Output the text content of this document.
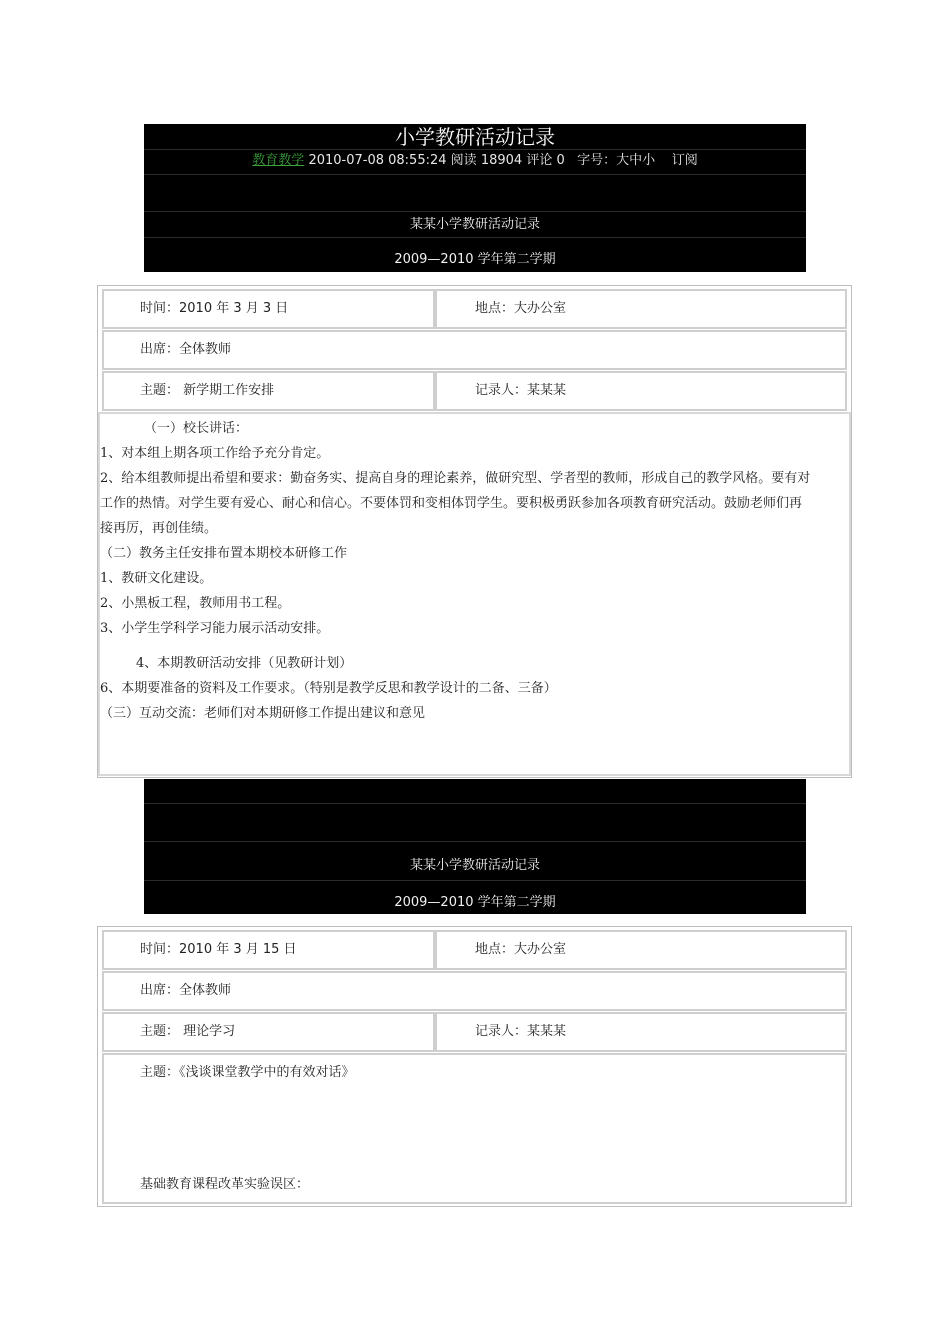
小学教研活动记录
教育教学 2010-07-08 08:55:24 阅读 18904 评论 0 字号：大中小 订阅
某某小学教研活动记录
2009—2010 学年第二学期
时间：2010 年 3 月 3 日	地点：大办公室
出席：全体教师
主题： 新学期工作安排	记录人：某某某

（一）校长讲话：

1、对本组上期各项工作给予充分肯定。

2、给本组教师提出希望和要求：勤奋务实、提高自身的理论素养，做研究型、学者型的教师，形成自己的教学风格。要有对

工作的热情。对学生要有爱心、耐心和信心。不要体罚和变相体罚学生。要积极勇跃参加各项教育研究活动。鼓励老师们再

接再厉，再创佳绩。

（二）教务主任安排布置本期校本研修工作

1、教研文化建设。

2、小黑板工程，教师用书工程。

3、小学生学科学习能力展示活动安排。

4、本期教研活动安排（见教研计划）

6、本期要准备的资料及工作要求。（特别是教学反思和教学设计的二备、三备）

（三）互动交流：老师们对本期研修工作提出建议和意见

某某小学教研活动记录
2009—2010 学年第二学期
时间：2010 年 3 月 15 日	地点：大办公室
出席：全体教师
主题： 理论学习	记录人：某某某
主题：《浅谈课堂教学中的有效对话》
基础教育课程改革实验误区：
